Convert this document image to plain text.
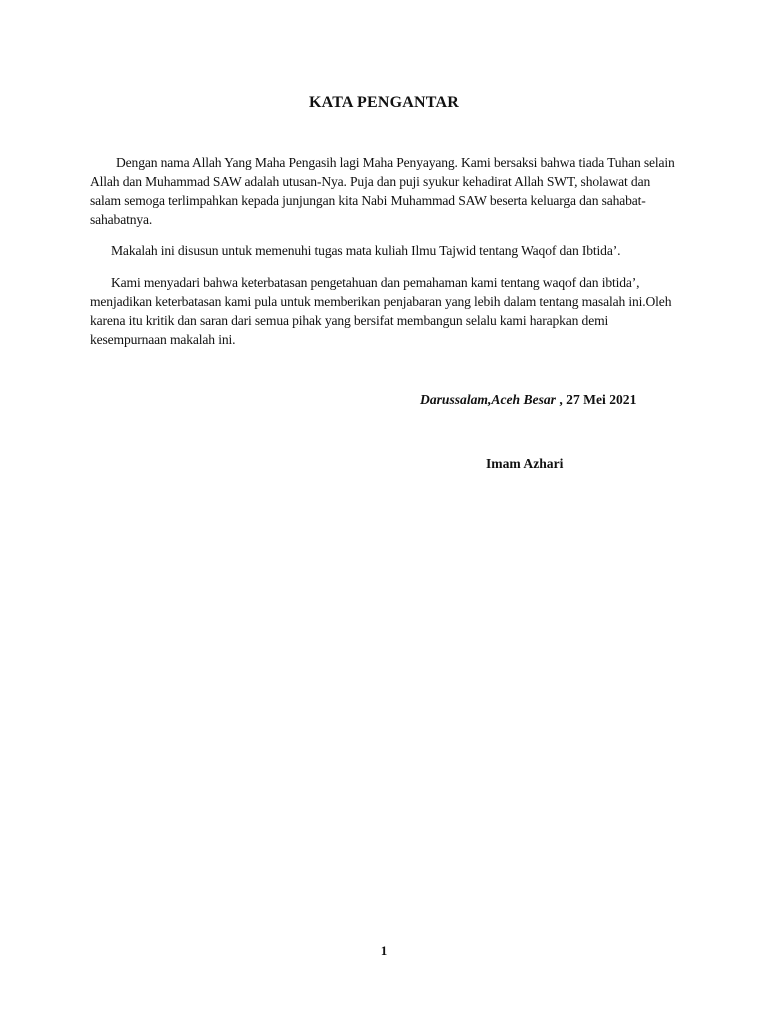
KATA PENGANTAR

Dengan nama Allah Yang Maha Pengasih lagi Maha Penyayang. Kami bersaksi bahwa tiada Tuhan selain Allah dan Muhammad SAW adalah utusan-Nya. Puja dan puji syukur kehadirat Allah SWT, sholawat dan salam semoga terlimpahkan kepada junjungan kita Nabi Muhammad SAW beserta keluarga dan sahabat-sahabatnya.

Makalah ini disusun untuk memenuhi tugas mata kuliah Ilmu Tajwid tentang Waqof dan Ibtida’.

Kami menyadari bahwa keterbatasan pengetahuan dan pemahaman kami tentang waqof dan ibtida’, menjadikan keterbatasan kami pula untuk memberikan penjabaran yang lebih dalam tentang masalah ini.Oleh karena itu kritik dan saran dari semua pihak yang bersifat membangun selalu kami harapkan demi kesempurnaan makalah ini.

Darussalam,Aceh Besar , 27 Mei 2021
Imam Azhari
1
